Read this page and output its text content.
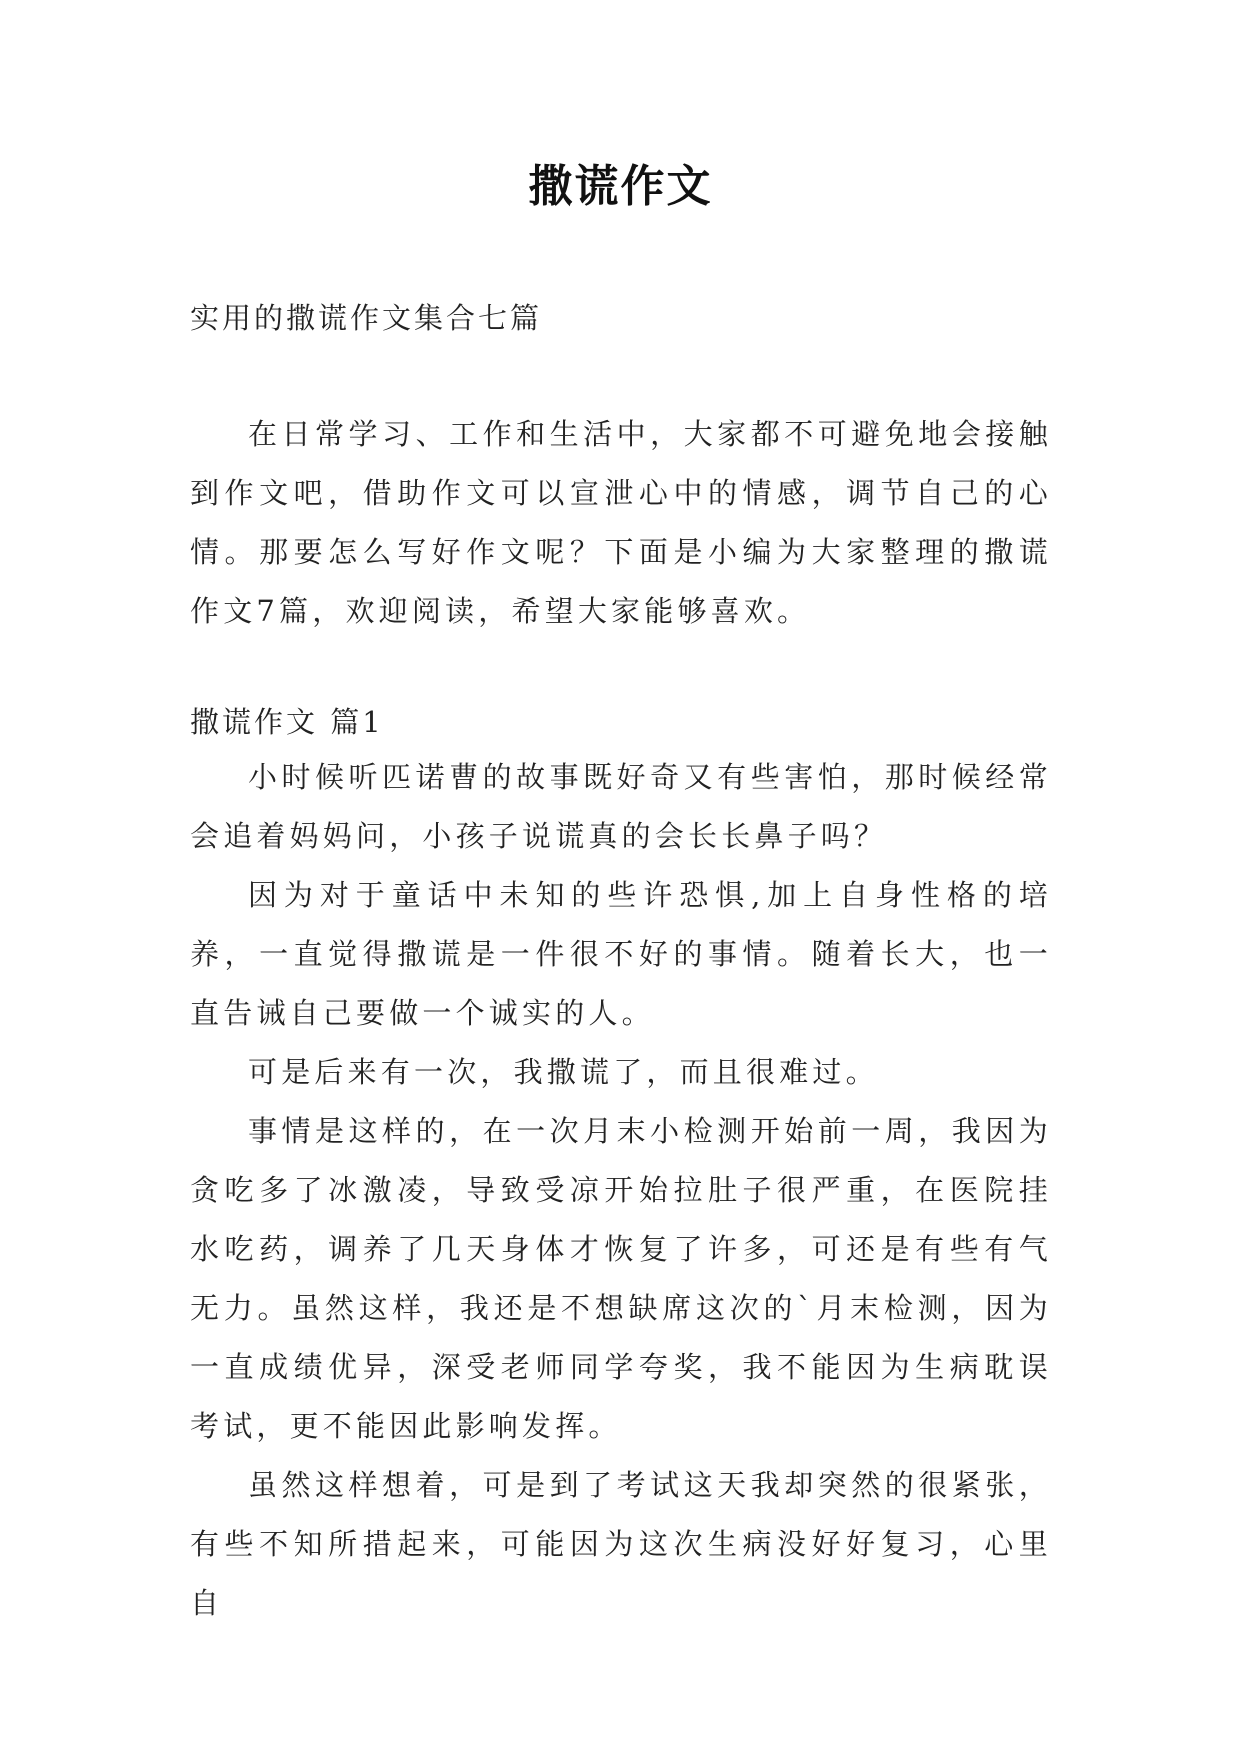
撒谎作文
实用的撒谎作文集合七篇

在日常学习、工作和生活中，大家都不可避免地会接触到作文吧，借助作文可以宣泄心中的情感，调节自己的心情。那要怎么写好作文呢？下面是小编为大家整理的撒谎作文7篇，欢迎阅读，希望大家能够喜欢。

撒谎作文 篇1

小时候听匹诺曹的故事既好奇又有些害怕，那时候经常会追着妈妈问，小孩子说谎真的会长长鼻子吗？

因为对于童话中未知的些许恐惧,加上自身性格的培养，一直觉得撒谎是一件很不好的事情。随着长大，也一直告诫自己要做一个诚实的人。

可是后来有一次，我撒谎了，而且很难过。

事情是这样的，在一次月末小检测开始前一周，我因为贪吃多了冰激凌，导致受凉开始拉肚子很严重，在医院挂水吃药，调养了几天身体才恢复了许多，可还是有些有气无力。虽然这样，我还是不想缺席这次的`月末检测，因为一直成绩优异，深受老师同学夸奖，我不能因为生病耽误考试，更不能因此影响发挥。

虽然这样想着，可是到了考试这天我却突然的很紧张，有些不知所措起来，可能因为这次生病没好好复习，心里自
